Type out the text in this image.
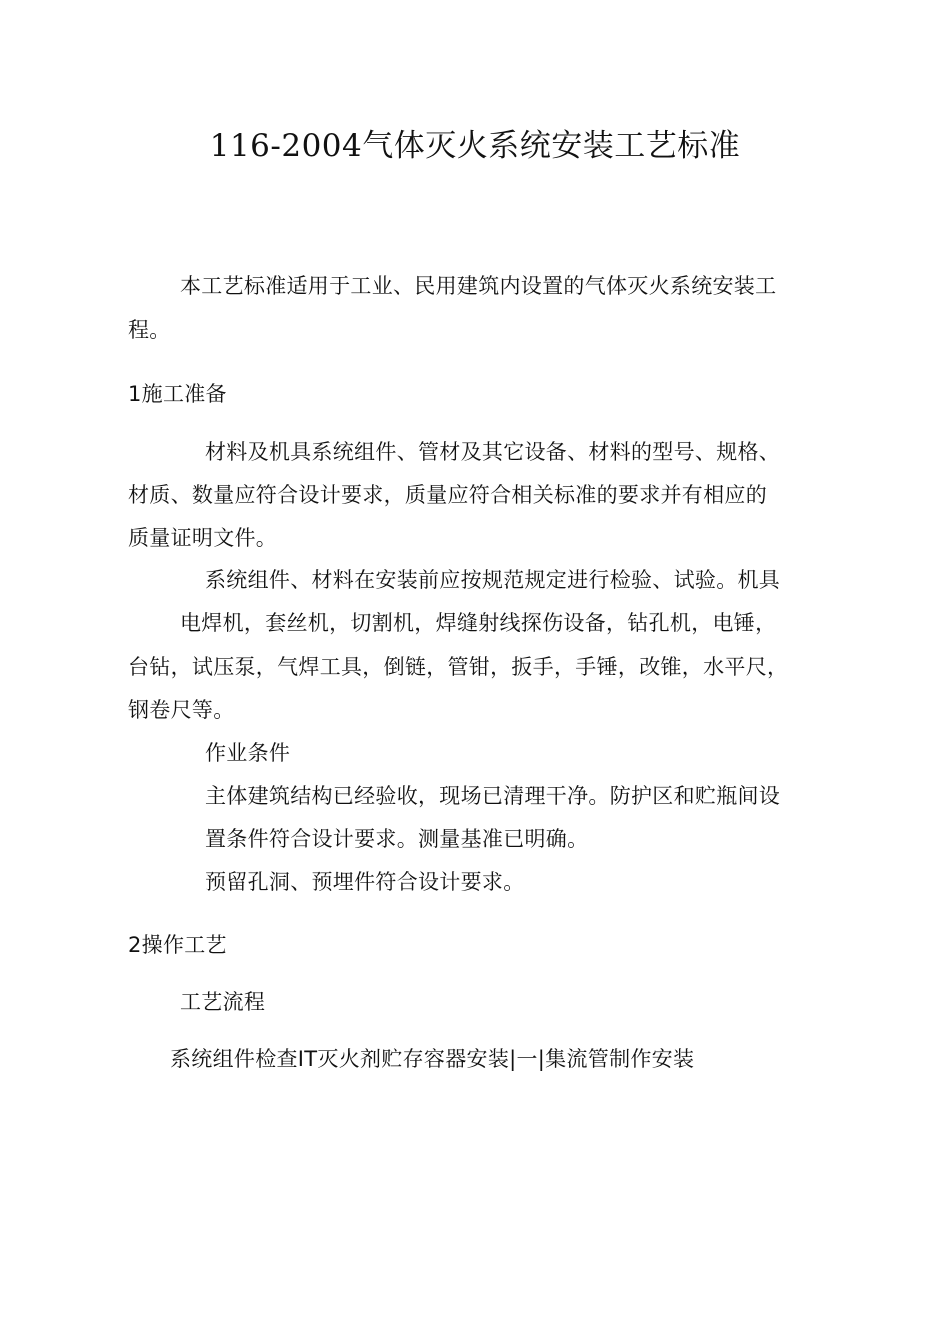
116-2004气体灭火系统安装工艺标准
本工艺标准适用于工业、民用建筑内设置的气体灭火系统安装工
程。
1施工准备
材料及机具系统组件、管材及其它设备、材料的型号、规格、
材质、数量应符合设计要求，质量应符合相关标准的要求并有相应的
质量证明文件。
系统组件、材料在安装前应按规范规定进行检验、试验。机具
电焊机，套丝机，切割机，焊缝射线探伤设备，钻孔机，电锤，
台钻，试压泵，气焊工具，倒链，管钳，扳手，手锤，改锥，水平尺，
钢卷尺等。
作业条件
主体建筑结构已经验收，现场已清理干净。防护区和贮瓶间设
置条件符合设计要求。测量基准已明确。
预留孔洞、预埋件符合设计要求。
2操作工艺
工艺流程
系统组件检查IT灭火剂贮存容器安装|一|集流管制作安装
